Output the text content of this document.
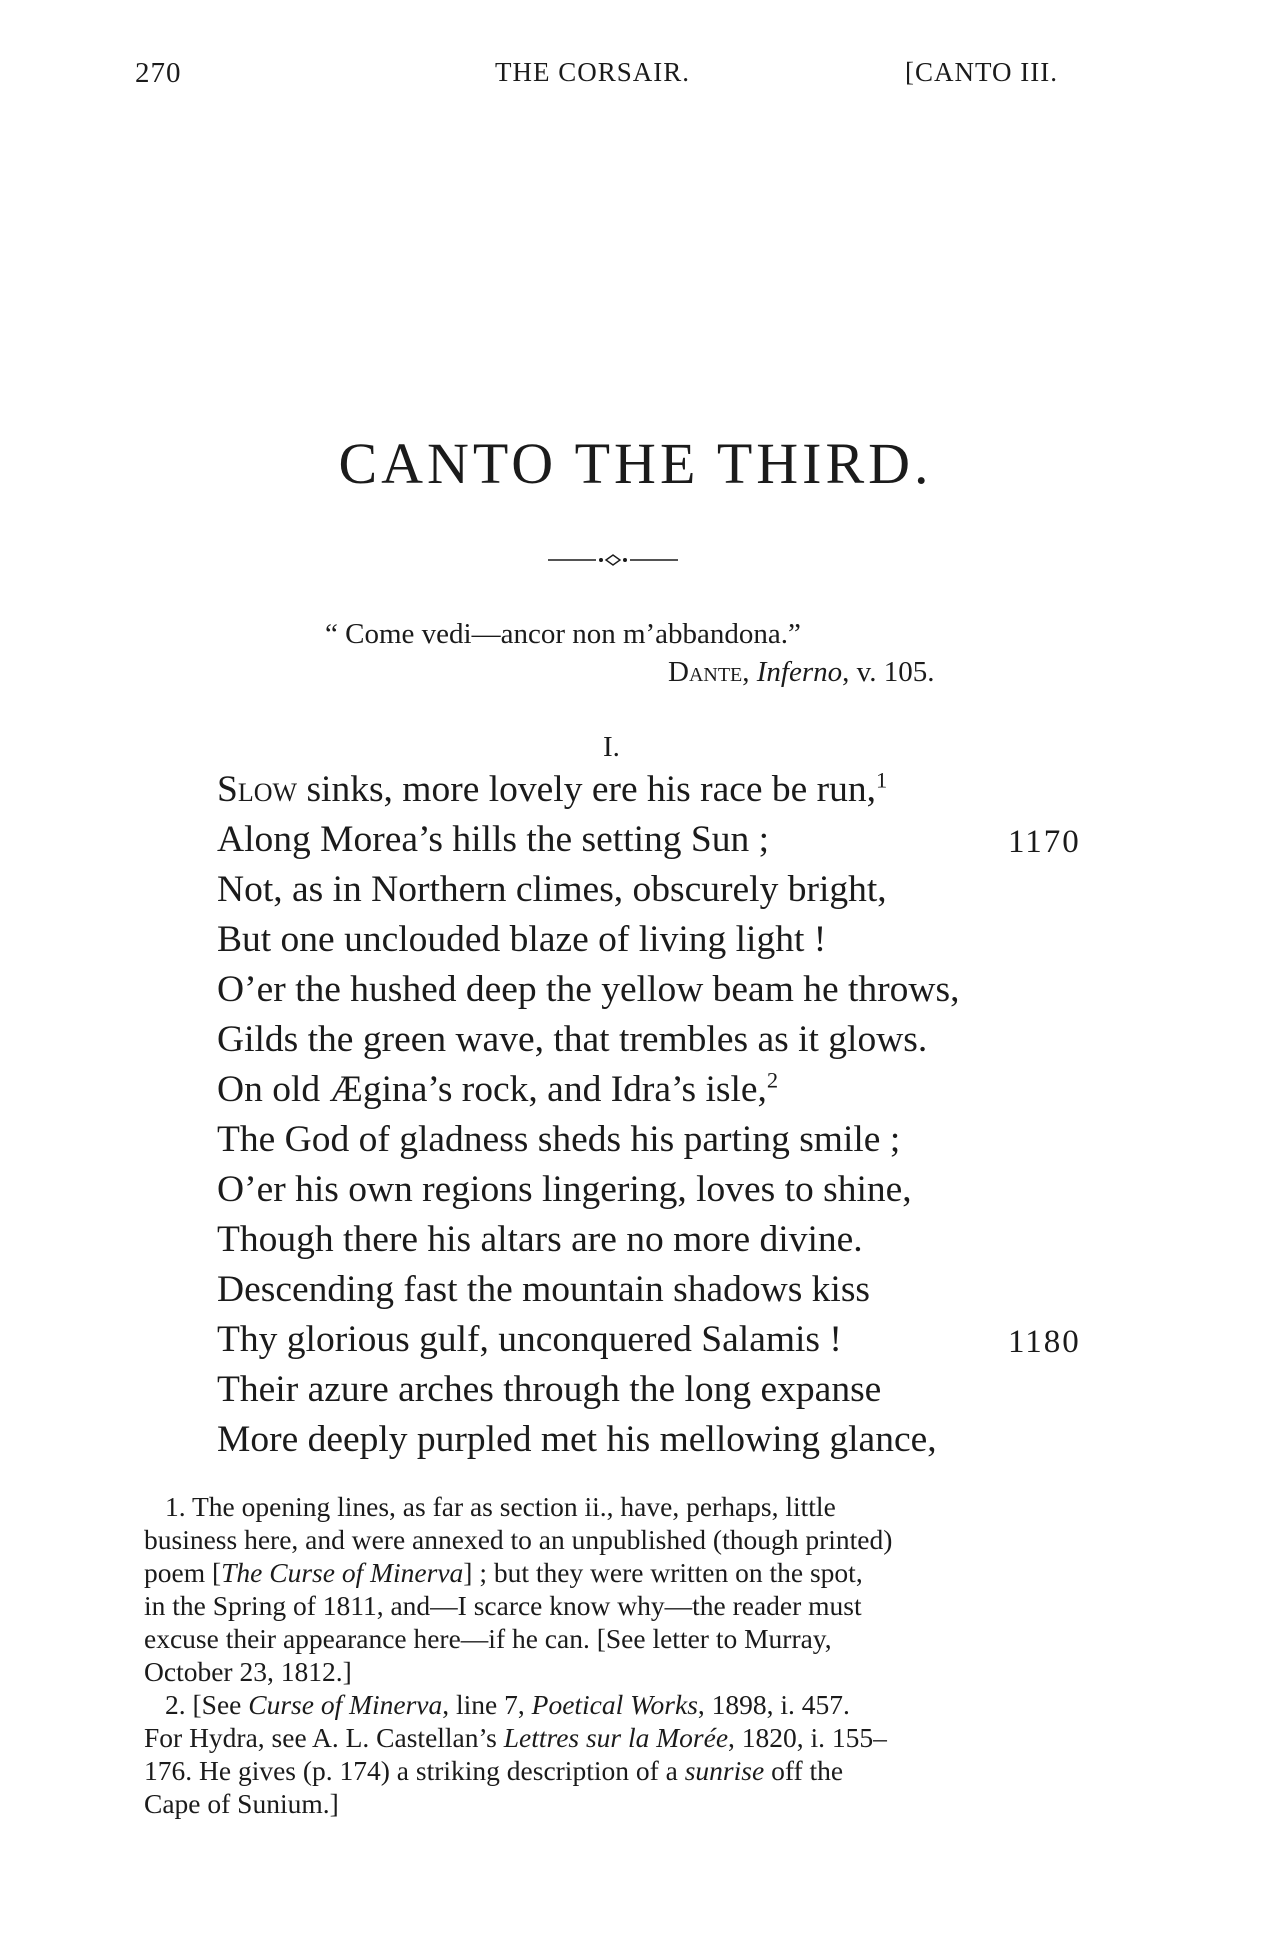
270	THE CORSAIR.	[CANTO III.
CANTO THE THIRD.
“ Come vedi—ancor non m’abbandona.”
Dante, Inferno, v. 105.
I.
Slow sinks, more lovely ere his race be run,$^1$
Along Morea’s hills the setting Sun ;	1170
Not, as in Northern climes, obscurely bright,
But one unclouded blaze of living light !
O’er the hushed deep the yellow beam he throws,
Gilds the green wave, that trembles as it glows.
On old Ægina’s rock, and Idra’s isle,$^2$
The God of gladness sheds his parting smile ;
O’er his own regions lingering, loves to shine,
Though there his altars are no more divine.
Descending fast the mountain shadows kiss
Thy glorious gulf, unconquered Salamis !	1180
Their azure arches through the long expanse
More deeply purpled met his mellowing glance,
1. The opening lines, as far as section ii., have, perhaps, little
business here, and were annexed to an unpublished (though printed)
poem [The Curse of Minerva] ; but they were written on the spot,
in the Spring of 1811, and—I scarce know why—the reader must
excuse their appearance here—if he can. [See letter to Murray,
October 23, 1812.]
2. [See Curse of Minerva, line 7, Poetical Works, 1898, i. 457.
For Hydra, see A. L. Castellan’s Lettres sur la Morée, 1820, i. 155–
176. He gives (p. 174) a striking description of a sunrise off the
Cape of Sunium.]
